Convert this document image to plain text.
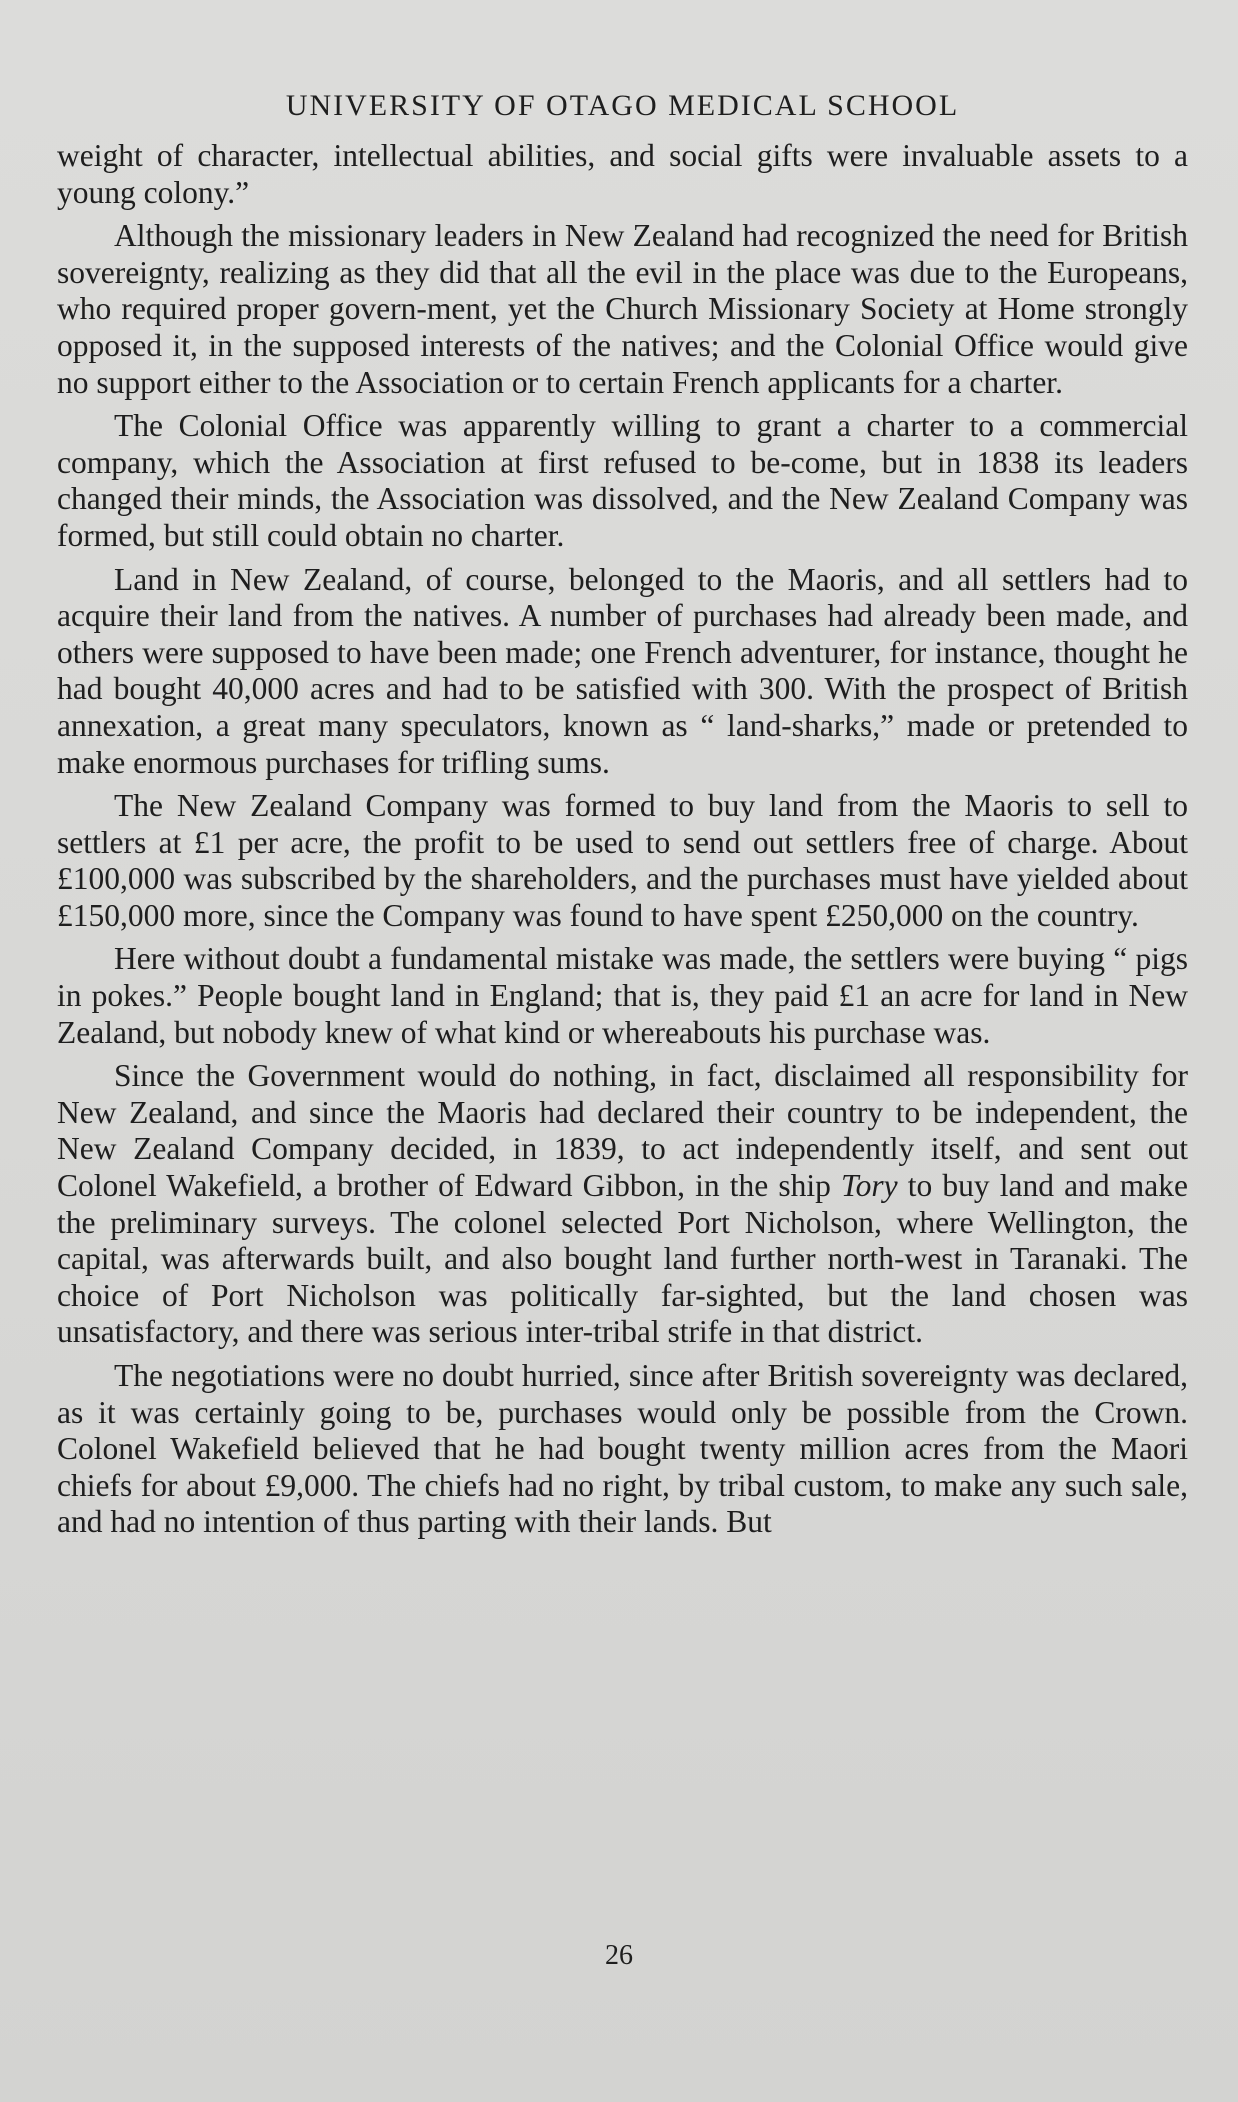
UNIVERSITY OF OTAGO MEDICAL SCHOOL

weight of character, intellectual abilities, and social gifts were invaluable assets to a young colony.”

Although the missionary leaders in New Zealand had recognized the need for British sovereignty, realizing as they did that all the evil in the place was due to the Europeans, who required proper govern-ment, yet the Church Missionary Society at Home strongly opposed it, in the supposed interests of the natives; and the Colonial Office would give no support either to the Association or to certain French applicants for a charter.

The Colonial Office was apparently willing to grant a charter to a commercial company, which the Association at first refused to be-come, but in 1838 its leaders changed their minds, the Association was dissolved, and the New Zealand Company was formed, but still could obtain no charter.

Land in New Zealand, of course, belonged to the Maoris, and all settlers had to acquire their land from the natives. A number of purchases had already been made, and others were supposed to have been made; one French adventurer, for instance, thought he had bought 40,000 acres and had to be satisfied with 300. With the prospect of British annexation, a great many speculators, known as “ land-sharks,” made or pretended to make enormous purchases for trifling sums.

The New Zealand Company was formed to buy land from the Maoris to sell to settlers at £1 per acre, the profit to be used to send out settlers free of charge. About £100,000 was subscribed by the shareholders, and the purchases must have yielded about £150,000 more, since the Company was found to have spent £250,000 on the country.

Here without doubt a fundamental mistake was made, the settlers were buying “ pigs in pokes.” People bought land in England; that is, they paid £1 an acre for land in New Zealand, but nobody knew of what kind or whereabouts his purchase was.

Since the Government would do nothing, in fact, disclaimed all responsibility for New Zealand, and since the Maoris had declared their country to be independent, the New Zealand Company decided, in 1839, to act independently itself, and sent out Colonel Wakefield, a brother of Edward Gibbon, in the ship Tory to buy land and make the preliminary surveys. The colonel selected Port Nicholson, where Wellington, the capital, was afterwards built, and also bought land further north-west in Taranaki. The choice of Port Nicholson was politically far-sighted, but the land chosen was unsatisfactory, and there was serious inter-tribal strife in that district.

The negotiations were no doubt hurried, since after British sovereignty was declared, as it was certainly going to be, purchases would only be possible from the Crown. Colonel Wakefield believed that he had bought twenty million acres from the Maori chiefs for about £9,000. The chiefs had no right, by tribal custom, to make any such sale, and had no intention of thus parting with their lands. But

26
